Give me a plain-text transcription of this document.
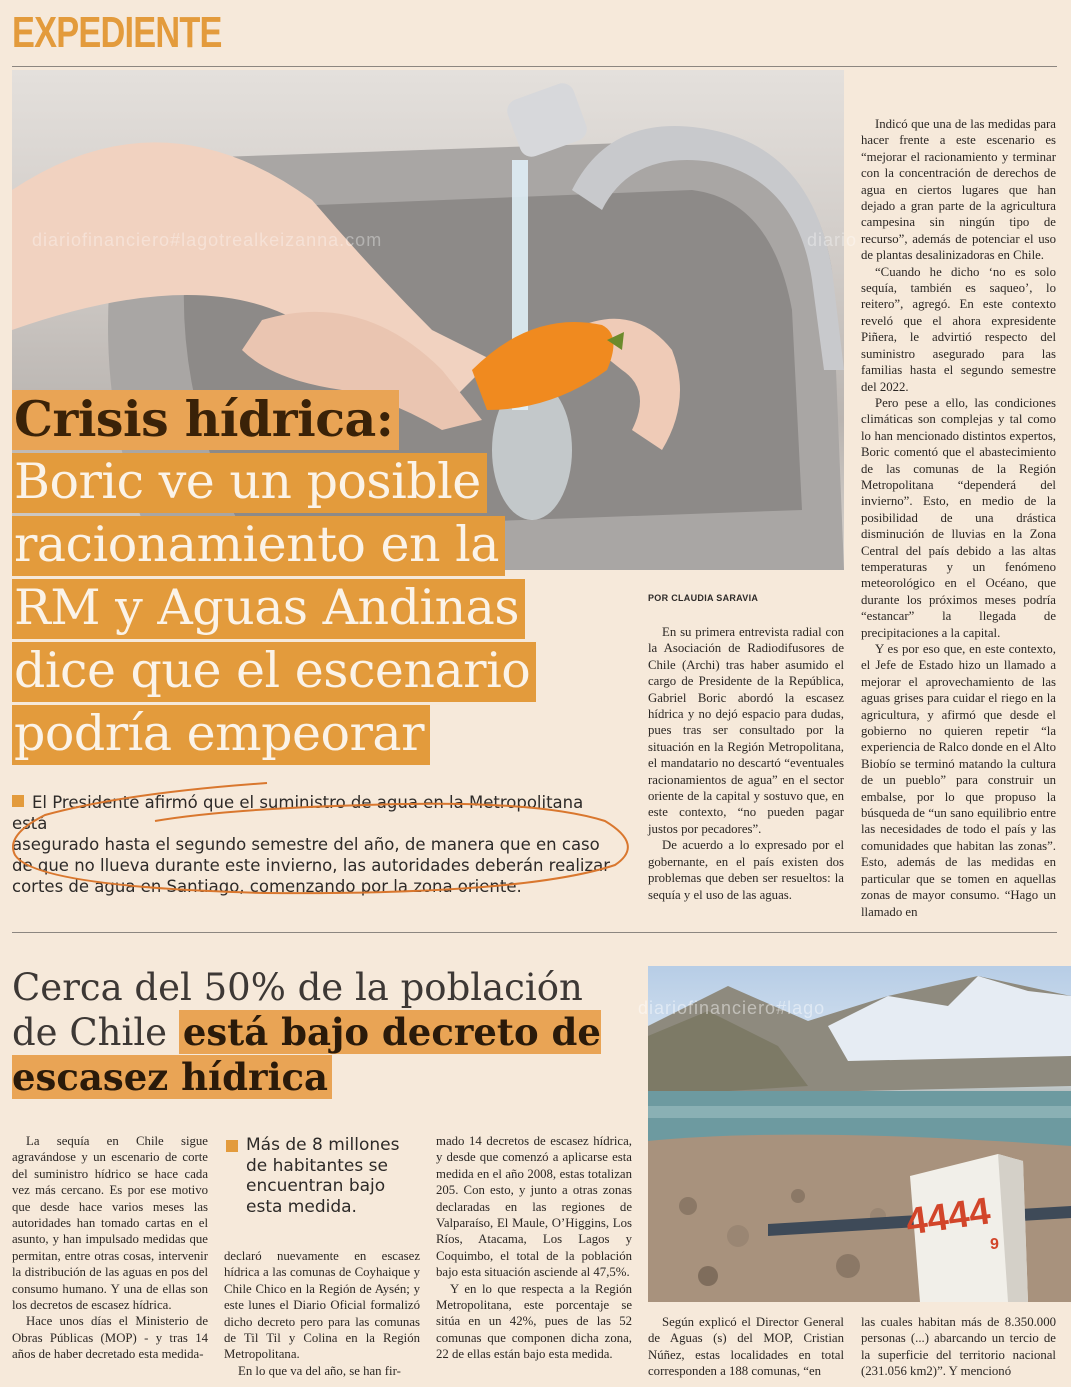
EXPEDIENTE
diariofinanciero#lagotrealkeizanna.com	diario
Crisis hídrica:
Boric ve un posible
racionamiento en la
RM y Aguas Andinas
dice que el escenario
podría empeorar
El Presidente afirmó que el suministro de agua en la Metropolitana está
asegurado hasta el segundo semestre del año, de manera que en caso
de que no llueva durante este invierno, las autoridades deberán realizar
cortes de agua en Santiago, comenzando por la zona oriente.
POR CLAUDIA SARAVIA

En su primera entrevista radial con la Asociación de Radiodifusores de Chile (Archi) tras haber asumido el cargo de Presidente de la República, Gabriel Boric abordó la escasez hídrica y no dejó espacio para dudas, pues tras ser consultado por la situación en la Región Metropolitana, el mandatario no descartó “eventuales racionamientos de agua” en el sector oriente de la capital y sostuvo que, en este contexto, “no pueden pagar justos por pecadores”.

De acuerdo a lo expresado por el gobernante, en el país existen dos problemas que deben ser resueltos: la sequía y el uso de las aguas.

Indicó que una de las medidas para hacer frente a este escenario es “mejorar el racionamiento y terminar con la concentración de derechos de agua en ciertos lugares que han dejado a gran parte de la agricultura campesina sin ningún tipo de recurso”, además de potenciar el uso de plantas desalinizadoras en Chile.

“Cuando he dicho ‘no es solo sequía, también es saqueo’, lo reitero”, agregó. En este contexto reveló que el ahora expresidente Piñera, le advirtió respecto del suministro asegurado para las familias hasta el segundo semestre del 2022.

Pero pese a ello, las condiciones climáticas son complejas y tal como lo han mencionado distintos expertos, Boric comentó que el abastecimiento de las comunas de la Región Metropolitana “dependerá del invierno”. Esto, en medio de la posibilidad de una drástica disminución de lluvias en la Zona Central del país debido a las altas temperaturas y un fenómeno meteorológico en el Océano, que durante los próximos meses podría “estancar” la llegada de precipitaciones a la capital.

Y es por eso que, en este contexto, el Jefe de Estado hizo un llamado a mejorar el aprovechamiento de las aguas grises para cuidar el riego en la agricultura, y afirmó que desde el gobierno no quieren repetir “la experiencia de Ralco donde en el Alto Biobío se terminó matando la cultura de un pueblo” para construir un embalse, por lo que propuso la búsqueda de “un sano equilibrio entre las necesidades de todo el país y las comunidades que habitan las zonas”. Esto, además de las medidas en particular que se tomen en aquellas zonas de mayor consumo. “Hago un llamado en

Cerca del 50% de la población de Chile está bajo decreto de escasez hídrica

La sequía en Chile sigue agravándose y un escenario de corte del suministro hídrico se hace cada vez más cercano. Es por ese motivo que desde hace varios meses las autoridades han tomado cartas en el asunto, y han impulsado medidas que permitan, entre otras cosas, intervenir la distribución de las aguas en pos del consumo humano. Y una de ellas son los decretos de escasez hídrica.

Hace unos días el Ministerio de Obras Públicas (MOP) - y tras 14 años de haber decretado esta medida-

Más de 8 millones de habitantes se encuentran bajo esta medida.

declaró nuevamente en escasez hídrica a las comunas de Coyhaique y Chile Chico en la Región de Aysén; y este lunes el Diario Oficial formalizó dicho decreto pero para las comunas de Til Til y Colina en la Región Metropolitana.

En lo que va del año, se han fir-

mado 14 decretos de escasez hídrica, y desde que comenzó a aplicarse esta medida en el año 2008, estas totalizan 205. Con esto, y junto a otras zonas declaradas en las regiones de Valparaíso, El Maule, O’Higgins, Los Ríos, Atacama, Los Lagos y Coquimbo, el total de la población bajo esta situación asciende al 47,5%.

Y en lo que respecta a la Región Metropolitana, este porcentaje se sitúa en un 42%, pues de las 52 comunas que componen dicha zona, 22 de ellas están bajo esta medida.

4444
9
diariofinanciero#lago

Según explicó el Director General de Aguas (s) del MOP, Cristian Núñez, estas localidades en total corresponden a 188 comunas, “en

las cuales habitan más de 8.350.000 personas (...) abarcando un tercio de la superficie del territorio nacional (231.056 km2)”. Y mencionó
